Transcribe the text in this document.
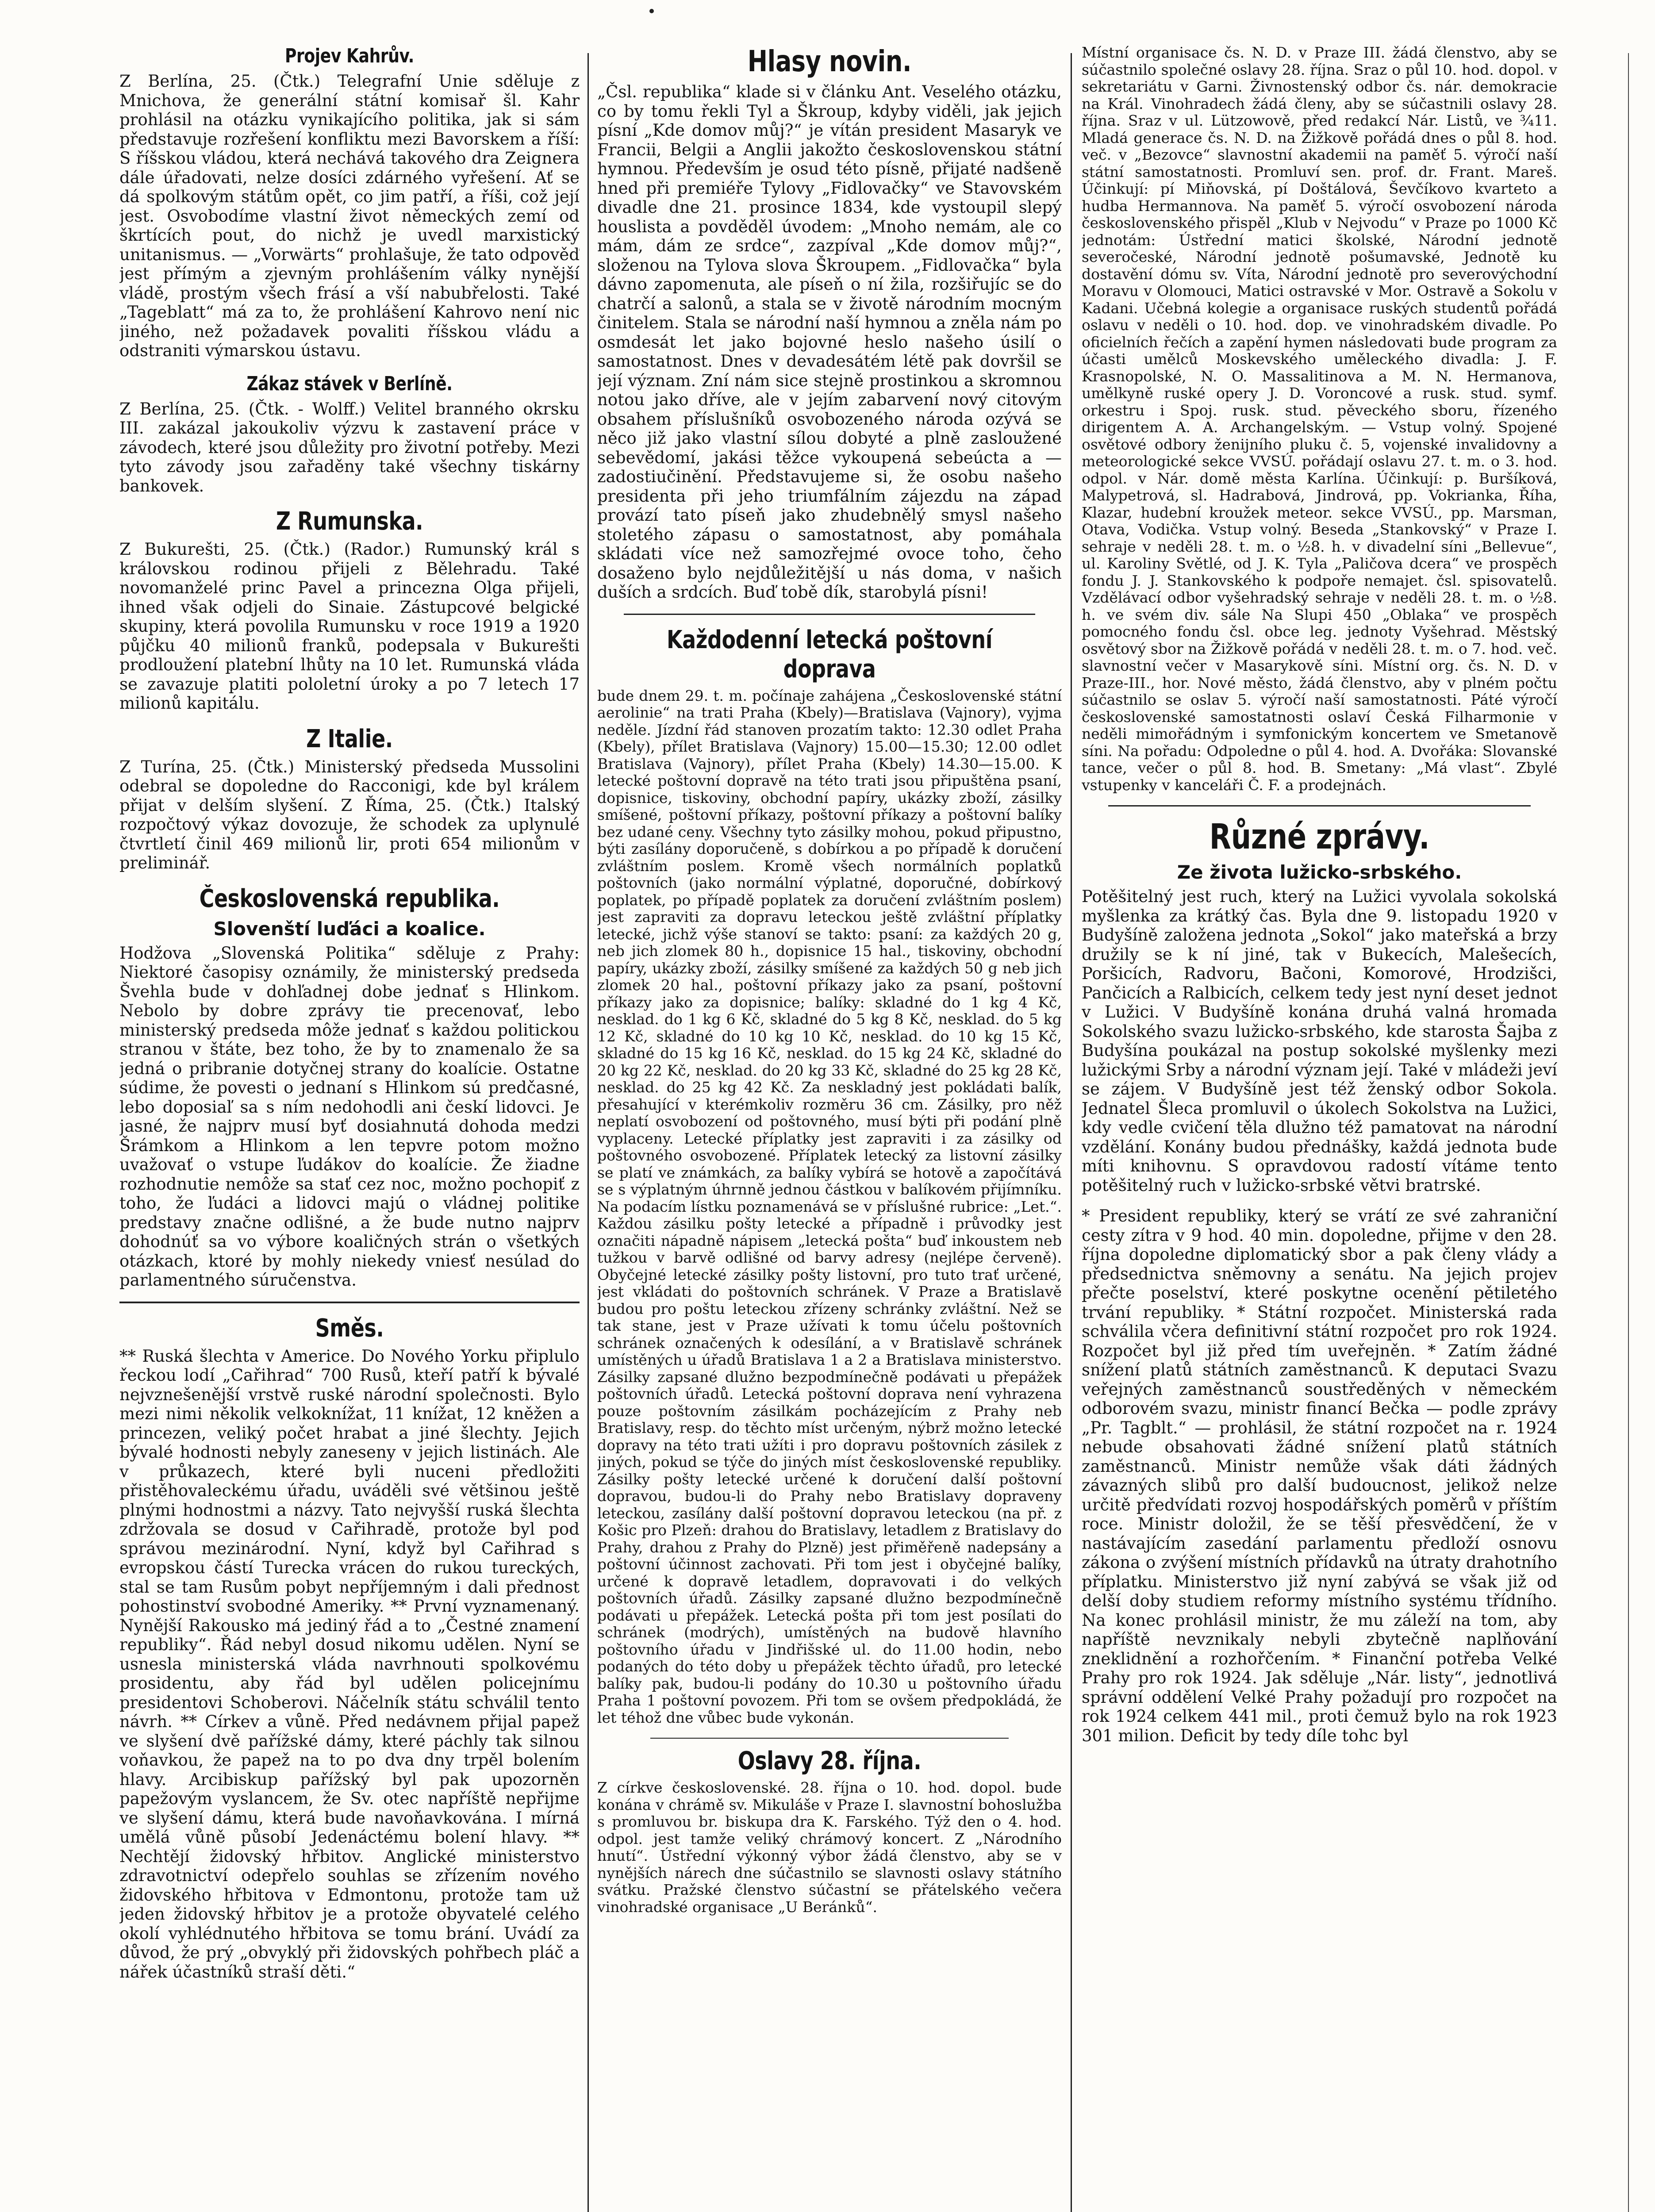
Projev Kahrův.

Z Berlína, 25. (Čtk.) Telegrafní Unie sděluje z Mnichova, že generální státní komisař šl. Kahr prohlásil na otázku vynikajícího politika, jak si sám představuje rozřešení konfliktu mezi Bavorskem a říší: S říšskou vládou, která nechává takového dra Zeignera dále úřadovati, nelze dosíci zdárného vyřešení. Ať se dá spolkovým státům opět, co jim patří, a říši, což její jest. Osvobodíme vlastní život německých zemí od škrtících pout, do nichž je uvedl marxistický unitanismus. — „Vorwärts“ prohlašuje, že tato odpověď jest přímým a zjevným prohlášením války nynější vládě, prostým všech frásí a vší nabubřelosti. Také „Tageblatt“ má za to, že prohlášení Kahrovo není nic jiného, než požadavek povaliti říšskou vládu a odstraniti výmarskou ústavu.

Zákaz stávek v Berlíně.

Z Berlína, 25. (Čtk. - Wolff.) Velitel branného okrsku III. zakázal jakoukoliv výzvu k zastavení práce v závodech, které jsou důležity pro životní potřeby. Mezi tyto závody jsou zařaděny také všechny tiskárny bankovek.

Z Rumunska.

Z Bukurešti, 25. (Čtk.) (Rador.) Rumunský král s královskou rodinou přijeli z Bělehradu. Také novomanželé princ Pavel a princezna Olga přijeli, ihned však odjeli do Sinaie. Zástupcové belgické skupiny, která povolila Rumunsku v roce 1919 a 1920 půjčku 40 milionů franků, podepsala v Bukurešti prodloužení platební lhůty na 10 let. Rumunská vláda se zavazuje platiti pololetní úroky a po 7 letech 17 milionů kapitálu.

Z Italie.

Z Turína, 25. (Čtk.) Ministerský předseda Mussolini odebral se dopoledne do Racconigi, kde byl králem přijat v delším slyšení. Z Říma, 25. (Čtk.) Italský rozpočtový výkaz dovozuje, že schodek za uplynulé čtvrtletí činil 469 milionů lir, proti 654 milionům v preliminář.

Československá republika.
Slovenští luďáci a koalice.

Hodžova „Slovenská Politika“ sděluje z Prahy: Niektoré časopisy oznámily, že ministerský predseda Švehla bude v dohľadnej dobe jednať s Hlinkom. Nebolo by dobre zprávy tie precenovať, lebo ministerský predseda môže jednať s každou politickou stranou v štáte, bez toho, že by to znamenalo že sa jedná o pribranie dotyčnej strany do koalície. Ostatne súdime, že povesti o jednaní s Hlinkom sú predčasné, lebo doposiaľ sa s ním nedohodli ani českí lidovci. Je jasné, že najprv musí byť dosiahnutá dohoda medzi Šrámkom a Hlinkom a len tepvre potom možno uvažovať o vstupe ľudákov do koalície. Že žiadne rozhodnutie nemôže sa stať cez noc, možno pochopiť z toho, že ľudáci a lidovci majú o vládnej politike predstavy značne odlišné, a že bude nutno najprv dohodnúť sa vo výbore koaličných strán o všetkých otázkach, ktoré by mohly niekedy vniesť nesúlad do parlamentného súručenstva.

Směs.

** Ruská šlechta v Americe. Do Nového Yorku připlulo řeckou lodí „Cařihrad“ 700 Rusů, kteří patří k bývalé nejvznešenější vrstvě ruské národní společnosti. Bylo mezi nimi několik velkoknížat, 11 knížat, 12 kněžen a princezen, veliký počet hrabat a jiné šlechty. Jejich bývalé hodnosti nebyly zaneseny v jejich listinách. Ale v průkazech, které byli nuceni předložiti přistěhovaleckému úřadu, uváděli své většinou ještě plnými hodnostmi a názvy. Tato nejvyšší ruská šlechta zdržovala se dosud v Cařihradě, protože byl pod správou mezinárodní. Nyní, když byl Cařihrad s evropskou částí Turecka vrácen do rukou tureckých, stal se tam Rusům pobyt nepříjemným i dali přednost pohostinství svobodné Ameriky. ** První vyznamenaný. Nynější Rakousko má jediný řád a to „Čestné znamení republiky“. Řád nebyl dosud nikomu udělen. Nyní se usnesla ministerská vláda navrhnouti spolkovému prosidentu, aby řád byl udělen policejnímu presidentovi Schoberovi. Náčelník státu schválil tento návrh. ** Církev a vůně. Před nedávnem přijal papež ve slyšení dvě pařížské dámy, které páchly tak silnou voňavkou, že papež na to po dva dny trpěl bolením hlavy. Arcibiskup pařížský byl pak upozorněn papežovým vyslancem, že Sv. otec napříště nepřijme ve slyšení dámu, která bude navoňavkována. I mírná umělá vůně působí Jedenáctému bolení hlavy. ** Nechtějí židovský hřbitov. Anglické ministerstvo zdravotnictví odepřelo souhlas se zřízením nového židovského hřbitova v Edmontonu, protože tam už jeden židovský hřbitov je a protože obyvatelé celého okolí vyhlédnutého hřbitova se tomu brání. Uvádí za důvod, že prý „obvyklý při židovských pohřbech pláč a nářek účastníků straší děti.“

Hlasy novin.

„Čsl. republika“ klade si v článku Ant. Veselého otázku, co by tomu řekli Tyl a Škroup, kdyby viděli, jak jejich písní „Kde domov můj?“ je vítán president Masaryk ve Francii, Belgii a Anglii jakožto československou státní hymnou. Především je osud této písně, přijaté nadšeně hned při premiéře Tylovy „Fidlovačky“ ve Stavovském divadle dne 21. prosince 1834, kde vystoupil slepý houslista a povděděl úvodem: „Mnoho nemám, ale co mám, dám ze srdce“, zazpíval „Kde domov můj?“, složenou na Tylova slova Škroupem. „Fidlovačka“ byla dávno zapomenuta, ale píseň o ní žila, rozšiřujíc se do chatrčí a salonů, a stala se v životě národním mocným činitelem. Stala se národní naší hymnou a zněla nám po osmdesát let jako bojovné heslo našeho úsilí o samostatnost. Dnes v devadesátém létě pak dovršil se její význam. Zní nám sice stejně prostinkou a skromnou notou jako dříve, ale v jejím zabarvení nový citovým obsahem příslušníků osvobozeného národa ozývá se něco již jako vlastní sílou dobyté a plně zasloužené sebevědomí, jakási těžce vykoupená sebeúcta a — zadostiučinění. Představujeme si, že osobu našeho presidenta při jeho triumfálním zájezdu na západ provází tato píseň jako zhudebnělý smysl našeho stoletého zápasu o samostatnost, aby pomáhala skládati více než samozřejmé ovoce toho, čeho dosaženo bylo nejdůležitější u nás doma, v našich duších a srdcích. Buď tobě dík, starobylá písni!

Každodenní letecká poštovní doprava

bude dnem 29. t. m. počínaje zahájena „Československé státní aerolinie“ na trati Praha (Kbely)—Bratislava (Vajnory), vyjma neděle. Jízdní řád stanoven prozatím takto: 12.30 odlet Praha (Kbely), přílet Bratislava (Vajnory) 15.00—15.30; 12.00 odlet Bratislava (Vajnory), přílet Praha (Kbely) 14.30—15.00. K letecké poštovní dopravě na této trati jsou připuštěna psaní, dopisnice, tiskoviny, obchodní papíry, ukázky zboží, zásilky smíšené, poštovní příkazy, poštovní příkazy a poštovní balíky bez udané ceny. Všechny tyto zásilky mohou, pokud připustno, býti zasílány doporučeně, s dobírkou a po případě k doručení zvláštním poslem. Kromě všech normálních poplatků poštovních (jako normální výplatné, doporučné, dobírkový poplatek, po případě poplatek za doručení zvláštním poslem) jest zapraviti za dopravu leteckou ještě zvláštní příplatky letecké, jichž výše stanoví se takto: psaní: za každých 20 g, neb jich zlomek 80 h., dopisnice 15 hal., tiskoviny, obchodní papíry, ukázky zboží, zásilky smíšené za každých 50 g neb jich zlomek 20 hal., poštovní příkazy jako za psaní, poštovní příkazy jako za dopisnice; balíky: skladné do 1 kg 4 Kč, nesklad. do 1 kg 6 Kč, skladné do 5 kg 8 Kč, nesklad. do 5 kg 12 Kč, skladné do 10 kg 10 Kč, nesklad. do 10 kg 15 Kč, skladné do 15 kg 16 Kč, nesklad. do 15 kg 24 Kč, skladné do 20 kg 22 Kč, nesklad. do 20 kg 33 Kč, skladné do 25 kg 28 Kč, nesklad. do 25 kg 42 Kč. Za neskladný jest pokládati balík, přesahující v kterémkoliv rozměru 36 cm. Zásilky, pro něž neplatí osvobození od poštovného, musí býti při podání plně vyplaceny. Letecké příplatky jest zapraviti i za zásilky od poštovného osvobozené. Příplatek letecký za listovní zásilky se platí ve známkách, za balíky vybírá se hotově a započítává se s výplatným úhrnně jednou částkou v balíkovém přijímníku. Na podacím lístku poznamenává se v příslušné rubrice: „Let.“. Každou zásilku pošty letecké a případně i průvodky jest označiti nápadně nápisem „letecká pošta“ buď inkoustem neb tužkou v barvě odlišné od barvy adresy (nejlépe červeně). Obyčejné letecké zásilky pošty listovní, pro tuto trať určené, jest vkládati do poštovních schránek. V Praze a Bratislavě budou pro poštu leteckou zřízeny schránky zvláštní. Než se tak stane, jest v Praze užívati k tomu účelu poštovních schránek označených k odesílání, a v Bratislavě schránek umístěných u úřadů Bratislava 1 a 2 a Bratislava ministerstvo. Zásilky zapsané dlužno bezpodmínečně podávati u přepážek poštovních úřadů. Letecká poštovní doprava není vyhrazena pouze poštovním zásilkám pocházejícím z Prahy neb Bratislavy, resp. do těchto míst určeným, nýbrž možno letecké dopravy na této trati užíti i pro dopravu poštovních zásilek z jiných, pokud se týče do jiných míst československé republiky. Zásilky pošty letecké určené k doručení další poštovní dopravou, budou-li do Prahy nebo Bratislavy dopraveny leteckou, zasílány další poštovní dopravou leteckou (na př. z Košic pro Plzeň: drahou do Bratislavy, letadlem z Bratislavy do Prahy, drahou z Prahy do Plzně) jest přiměřeně nadepsány a poštovní účinnost zachovati. Při tom jest i obyčejné balíky, určené k dopravě letadlem, dopravovati i do velkých poštovních úřadů. Zásilky zapsané dlužno bezpodmínečně podávati u přepážek. Letecká pošta při tom jest posílati do schránek (modrých), umístěných na budově hlavního poštovního úřadu v Jindřišské ul. do 11.00 hodin, nebo podaných do této doby u přepážek těchto úřadů, pro letecké balíky pak, budou-li podány do 10.30 u poštovního úřadu Praha 1 poštovní povozem. Při tom se ovšem předpokládá, že let téhož dne vůbec bude vykonán.

Oslavy 28. října.

Z církve československé. 28. října o 10. hod. dopol. bude konána v chrámě sv. Mikuláše v Praze I. slavnostní bohoslužba s promluvou br. biskupa dra K. Farského. Týž den o 4. hod. odpol. jest tamže veliký chrámový koncert. Z „Národního hnutí“. Ústřední výkonný výbor žádá členstvo, aby se v nynějších nárech dne súčastnilo se slavnosti oslavy státního svátku. Pražské členstvo súčastní se přátelského večera vinohradské organisace „U Beránků“.

Místní organisace čs. N. D. v Praze III. žádá členstvo, aby se súčastnilo společné oslavy 28. října. Sraz o půl 10. hod. dopol. v sekretariátu v Garni. Živnostenský odbor čs. nár. demokracie na Král. Vinohradech žádá členy, aby se súčastnili oslavy 28. října. Sraz v ul. Lützowově, před redakcí Nár. Listů, ve ¾11. Mladá generace čs. N. D. na Žižkově pořádá dnes o půl 8. hod. več. v „Bezovce“ slavnostní akademii na paměť 5. výročí naší státní samostatnosti. Promluví sen. prof. dr. Frant. Mareš. Účinkují: pí Miňovská, pí Doštálová, Ševčíkovo kvarteto a hudba Hermannova. Na paměť 5. výročí osvobození národa československého přispěl „Klub v Nejvodu“ v Praze po 1000 Kč jednotám: Ústřední matici školské, Národní jednotě severočeské, Národní jednotě pošumavské, Jednotě ku dostavění dómu sv. Víta, Národní jednotě pro severovýchodní Moravu v Olomouci, Matici ostravské v Mor. Ostravě a Sokolu v Kadani. Učebná kolegie a organisace ruských studentů pořádá oslavu v neděli o 10. hod. dop. ve vinohradském divadle. Po oficielních řečích a zapění hymen následovati bude program za účasti umělců Moskevského uměleckého divadla: J. F. Krasnopolské, N. O. Massalitinova a M. N. Hermanova, umělkyně ruské opery J. D. Voroncové a rusk. stud. symf. orkestru i Spoj. rusk. stud. pěveckého sboru, řízeného dirigentem A. A. Archangelským. — Vstup volný. Spojené osvětové odbory ženijního pluku č. 5, vojenské invalidovny a meteorologické sekce VVSÚ. pořádají oslavu 27. t. m. o 3. hod. odpol. v Nár. domě města Karlína. Účinkují: p. Buršíková, Malypetrová, sl. Hadrabová, Jindrová, pp. Vokrianka, Říha, Klazar, hudební kroužek meteor. sekce VVSÚ., pp. Marsman, Otava, Vodička. Vstup volný. Beseda „Stankovský“ v Praze I. sehraje v neděli 28. t. m. o ½8. h. v divadelní síni „Bellevue“, ul. Karoliny Světlé, od J. K. Tyla „Paličova dcera“ ve prospěch fondu J. J. Stankovského k podpoře nemajet. čsl. spisovatelů. Vzdělávací odbor vyšehradský sehraje v neděli 28. t. m. o ½8. h. ve svém div. sále Na Slupi 450 „Oblaka“ ve prospěch pomocného fondu čsl. obce leg. jednoty Vyšehrad. Městský osvětový sbor na Žižkově pořádá v neděli 28. t. m. o 7. hod. več. slavnostní večer v Masarykově síni. Místní org. čs. N. D. v Praze-III., hor. Nové město, žádá členstvo, aby v plném počtu súčastnilo se oslav 5. výročí naší samostatnosti. Páté výročí československé samostatnosti oslaví Česká Filharmonie v neděli mimořádným i symfonickým koncertem ve Smetanově síni. Na pořadu: Odpoledne o půl 4. hod. A. Dvořáka: Slovanské tance, večer o půl 8. hod. B. Smetany: „Má vlast“. Zbylé vstupenky v kanceláři Č. F. a prodejnách.

Různé zprávy.
Ze života lužicko-srbského.

Potěšitelný jest ruch, který na Lužici vyvolala sokolská myšlenka za krátký čas. Byla dne 9. listopadu 1920 v Budyšíně založena jednota „Sokol“ jako mateřská a brzy družily se k ní jiné, tak v Bukecích, Malešecích, Poršicích, Radvoru, Bačoni, Komorové, Hrodzišci, Pančicích a Ralbicích, celkem tedy jest nyní deset jednot v Lužici. V Budyšíně konána druhá valná hromada Sokolského svazu lužicko-srbského, kde starosta Šajba z Budyšína poukázal na postup sokolské myšlenky mezi lužickými Srby a národní význam její. Také v mládeži jeví se zájem. V Budyšíně jest též ženský odbor Sokola. Jednatel Šleca promluvil o úkolech Sokolstva na Lužici, kdy vedle cvičení těla dlužno též pamatovat na národní vzdělání. Konány budou přednášky, každá jednota bude míti knihovnu. S opravdovou radostí vítáme tento potěšitelný ruch v lužicko-srbské větvi bratrské.

* President republiky, který se vrátí ze své zahraniční cesty zítra v 9 hod. 40 min. dopoledne, přijme v den 28. října dopoledne diplomatický sbor a pak členy vlády a předsednictva sněmovny a senátu. Na jejich projev přečte poselství, které poskytne ocenění pětiletého trvání republiky. * Státní rozpočet. Ministerská rada schválila včera definitivní státní rozpočet pro rok 1924. Rozpočet byl již před tím uveřejněn. * Zatím žádné snížení platů státních zaměstnanců. K deputaci Svazu veřejných zaměstnanců soustředěných v německém odborovém svazu, ministr financí Bečka — podle zprávy „Pr. Tagblt.“ — prohlásil, že státní rozpočet na r. 1924 nebude obsahovati žádné snížení platů státních zaměstnanců. Ministr nemůže však dáti žádných závazných slibů pro další budoucnost, jelikož nelze určitě předvídati rozvoj hospodářských poměrů v příštím roce. Ministr doložil, že se těší přesvědčení, že v nastávajícím zasedání parlamentu předloží osnovu zákona o zvýšení místních přídavků na útraty drahotního příplatku. Ministerstvo již nyní zabývá se však již od delší doby studiem reformy místního systému třídního. Na konec prohlásil ministr, že mu záleží na tom, aby napříště nevznikaly nebyli zbytečně naplňování zneklidnění a rozhořčením. * Finanční potřeba Velké Prahy pro rok 1924. Jak sděluje „Nár. listy“, jednotlivá správní oddělení Velké Prahy požadují pro rozpočet na rok 1924 celkem 441 mil., proti čemuž bylo na rok 1923 301 milion. Deficit by tedy díle tohc byl
